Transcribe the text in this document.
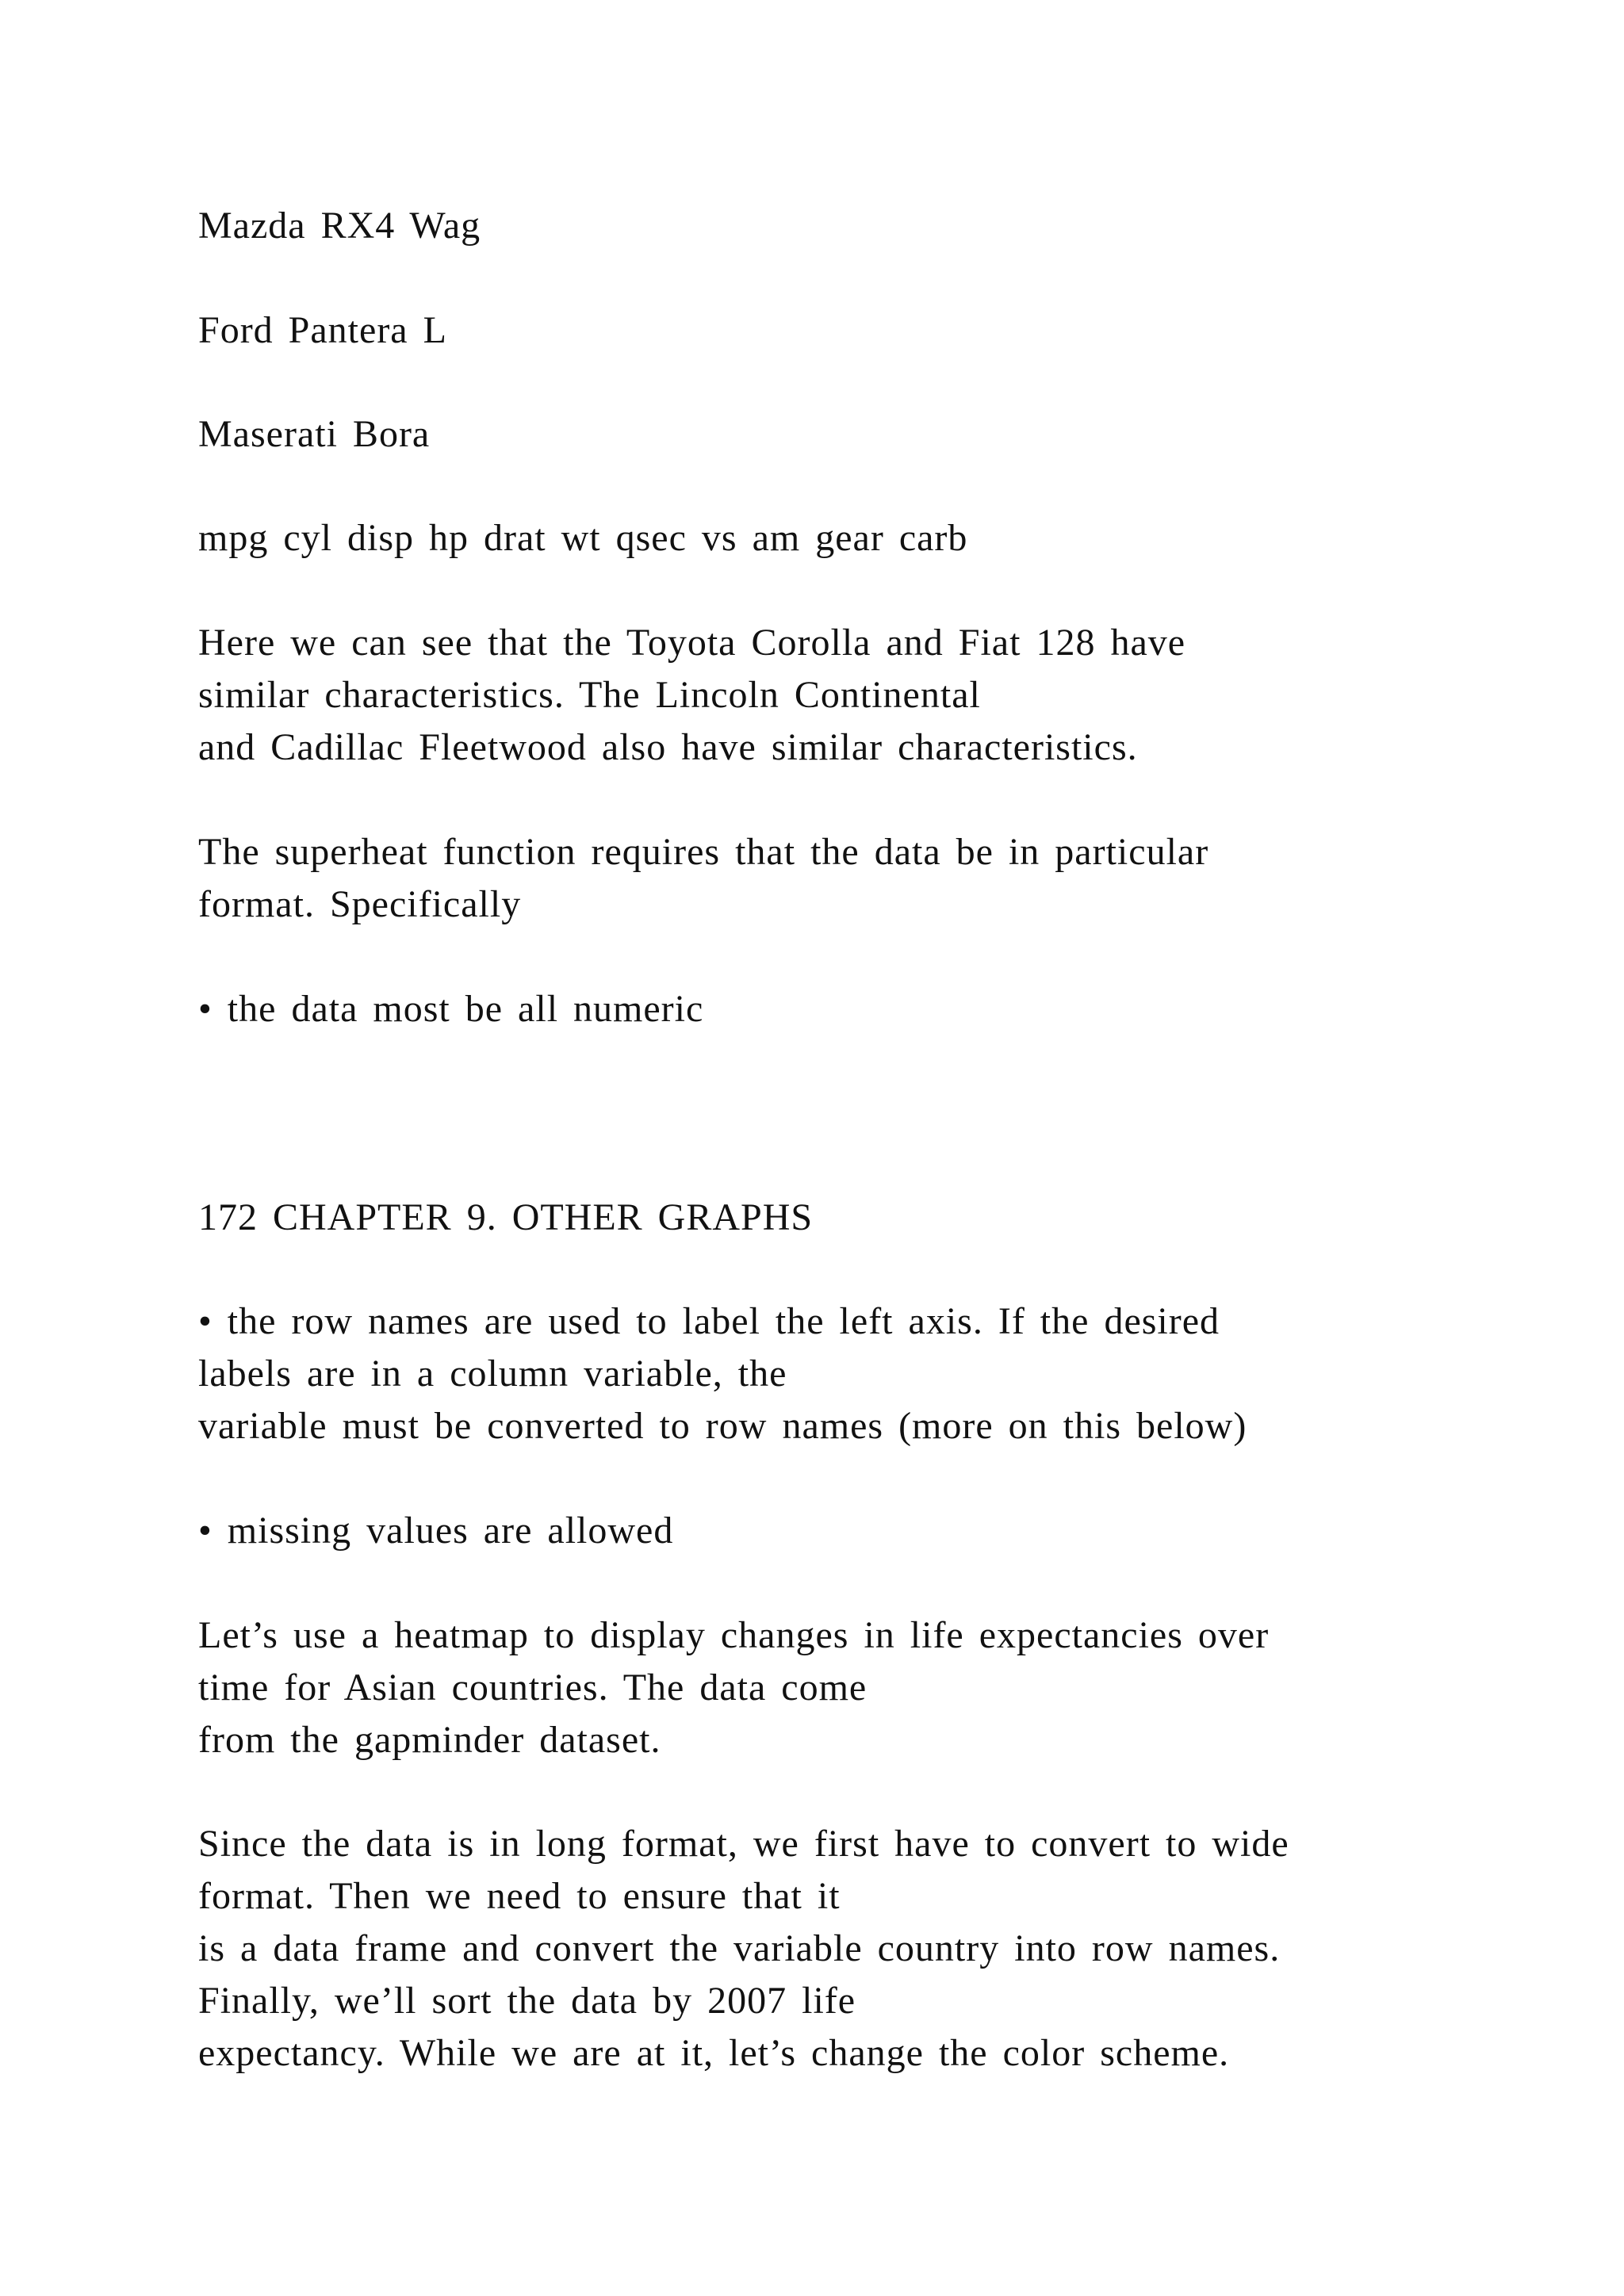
Mazda RX4 Wag

Ford Pantera L

Maserati Bora

mpg cyl disp hp drat wt qsec vs am gear carb

Here we can see that the Toyota Corolla and Fiat 128 have
similar characteristics. The Lincoln Continental
and Cadillac Fleetwood also have similar characteristics.

The superheat function requires that the data be in particular
format. Specifically

• the data most be all numeric

172 CHAPTER 9. OTHER GRAPHS

• the row names are used to label the left axis. If the desired
labels are in a column variable, the
variable must be converted to row names (more on this below)

• missing values are allowed

Let’s use a heatmap to display changes in life expectancies over
time for Asian countries. The data come
from the gapminder dataset.

Since the data is in long format, we first have to convert to wide
format. Then we need to ensure that it
is a data frame and convert the variable country into row names.
Finally, we’ll sort the data by 2007 life
expectancy. While we are at it, let’s change the color scheme.
